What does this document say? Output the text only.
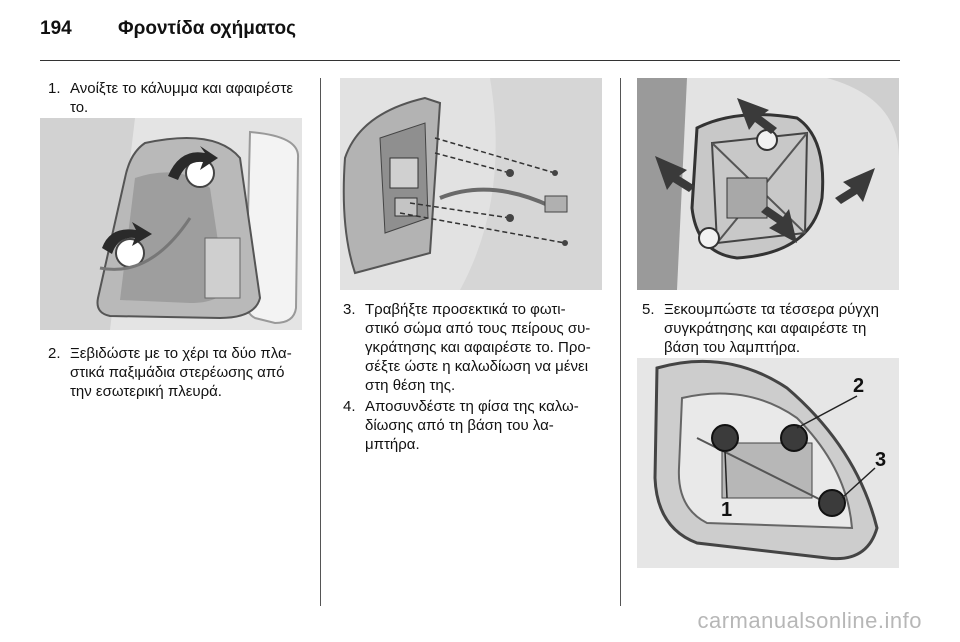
194 Φροντίδα οχήματος
1. Ανοίξτε το κάλυμμα και αφαιρέστε
το.
2. Ξεβιδώστε με το χέρι τα δύο πλα-
στικά παξιμάδια στερέωσης από
την εσωτερική πλευρά.
3. Τραβήξτε προσεκτικά το φωτι-
στικό σώμα από τους πείρους συ-
γκράτησης και αφαιρέστε το. Προ-
σέξτε ώστε η καλωδίωση να μένει
στη θέση της.
4. Αποσυνδέστε τη φίσα της καλω-
δίωσης από τη βάση του λα-
μπτήρα.
5. Ξεκουμπώστε τα τέσσερα ρύγχη
συγκράτησης και αφαιρέστε τη
βάση του λαμπτήρα.
1
2
3
carmanualsonline.info
